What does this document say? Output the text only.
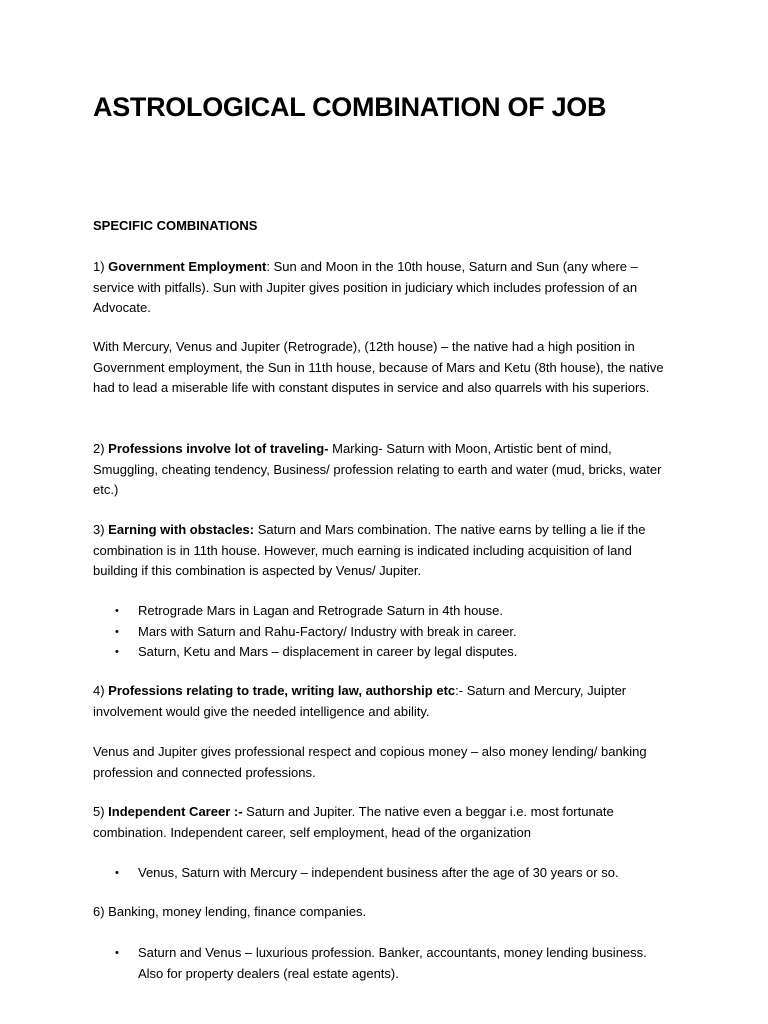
ASTROLOGICAL COMBINATION OF JOB
SPECIFIC COMBINATIONS
1) Government Employment: Sun and Moon in the 10th house, Saturn and Sun (any where – service with pitfalls). Sun with Jupiter gives position in judiciary which includes profession of an Advocate.
With Mercury, Venus and Jupiter (Retrograde), (12th house) – the native had a high position in Government employment, the Sun in 11th house, because of Mars and Ketu (8th house), the native had to lead a miserable life with constant disputes in service and also quarrels with his superiors.
2) Professions involve lot of traveling- Marking- Saturn with Moon, Artistic bent of mind, Smuggling, cheating tendency, Business/ profession relating to earth and water (mud, bricks, water etc.)
3) Earning with obstacles: Saturn and Mars combination. The native earns by telling a lie if the combination is in 11th house. However, much earning is indicated including acquisition of land building if this combination is aspected by Venus/ Jupiter.
• Retrograde Mars in Lagan and Retrograde Saturn in 4th house.
• Mars with Saturn and Rahu-Factory/ Industry with break in career.
• Saturn, Ketu and Mars – displacement in career by legal disputes.
4) Professions relating to trade, writing law, authorship etc:- Saturn and Mercury, Juipter involvement would give the needed intelligence and ability.
Venus and Jupiter gives professional respect and copious money – also money lending/ banking profession and connected professions.
5) Independent Career :- Saturn and Jupiter. The native even a beggar i.e. most fortunate combination. Independent career, self employment, head of the organization
• Venus, Saturn with Mercury – independent business after the age of 30 years or so.
6) Banking, money lending, finance companies.
• Saturn and Venus – luxurious profession. Banker, accountants, money lending business. Also for property dealers (real estate agents).
